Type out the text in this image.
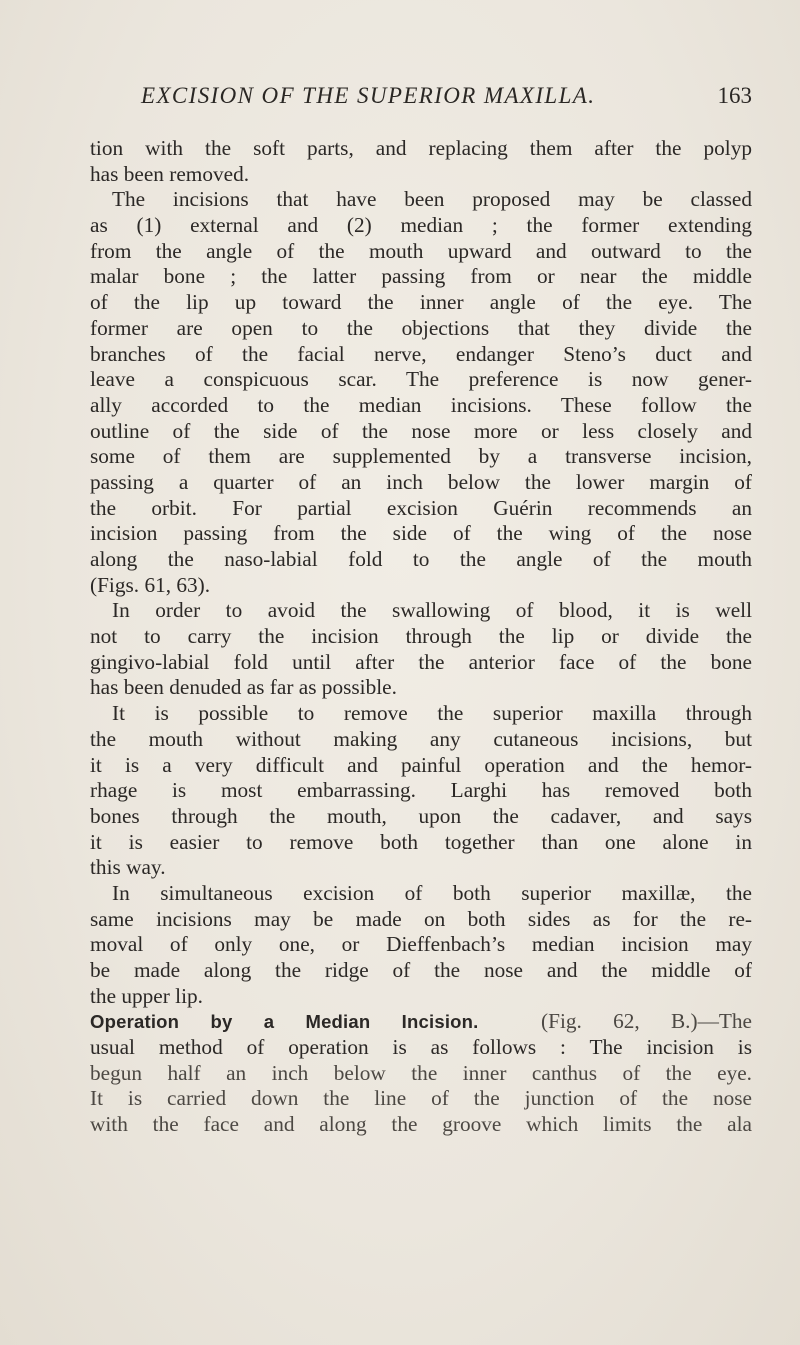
EXCISION OF THE SUPERIOR MAXILLA.	163
tion with the soft parts, and replacing them after the polyp
has been removed.
The incisions that have been proposed may be classed
as (1) external and (2) median ; the former extending
from the angle of the mouth upward and outward to the
malar bone ; the latter passing from or near the middle
of the lip up toward the inner angle of the eye. The
former are open to the objections that they divide the
branches of the facial nerve, endanger Steno’s duct and
leave a conspicuous scar. The preference is now gener-
ally accorded to the median incisions. These follow the
outline of the side of the nose more or less closely and
some of them are supplemented by a transverse incision,
passing a quarter of an inch below the lower margin of
the orbit. For partial excision Guérin recommends an
incision passing from the side of the wing of the nose
along the naso-labial fold to the angle of the mouth
(Figs. 61, 63).
In order to avoid the swallowing of blood, it is well
not to carry the incision through the lip or divide the
gingivo-labial fold until after the anterior face of the bone
has been denuded as far as possible.
It is possible to remove the superior maxilla through
the mouth without making any cutaneous incisions, but
it is a very difficult and painful operation and the hemor-
rhage is most embarrassing. Larghi has removed both
bones through the mouth, upon the cadaver, and says
it is easier to remove both together than one alone in
this way.
In simultaneous excision of both superior maxillæ, the
same incisions may be made on both sides as for the re-
moval of only one, or Dieffenbach’s median incision may
be made along the ridge of the nose and the middle of
the upper lip.
Operation by a Median Incision.	(Fig. 62, B.)—The
usual method of operation is as follows : The incision is
begun half an inch below the inner canthus of the eye.
It is carried down the line of the junction of the nose
with the face and along the groove which limits the ala
